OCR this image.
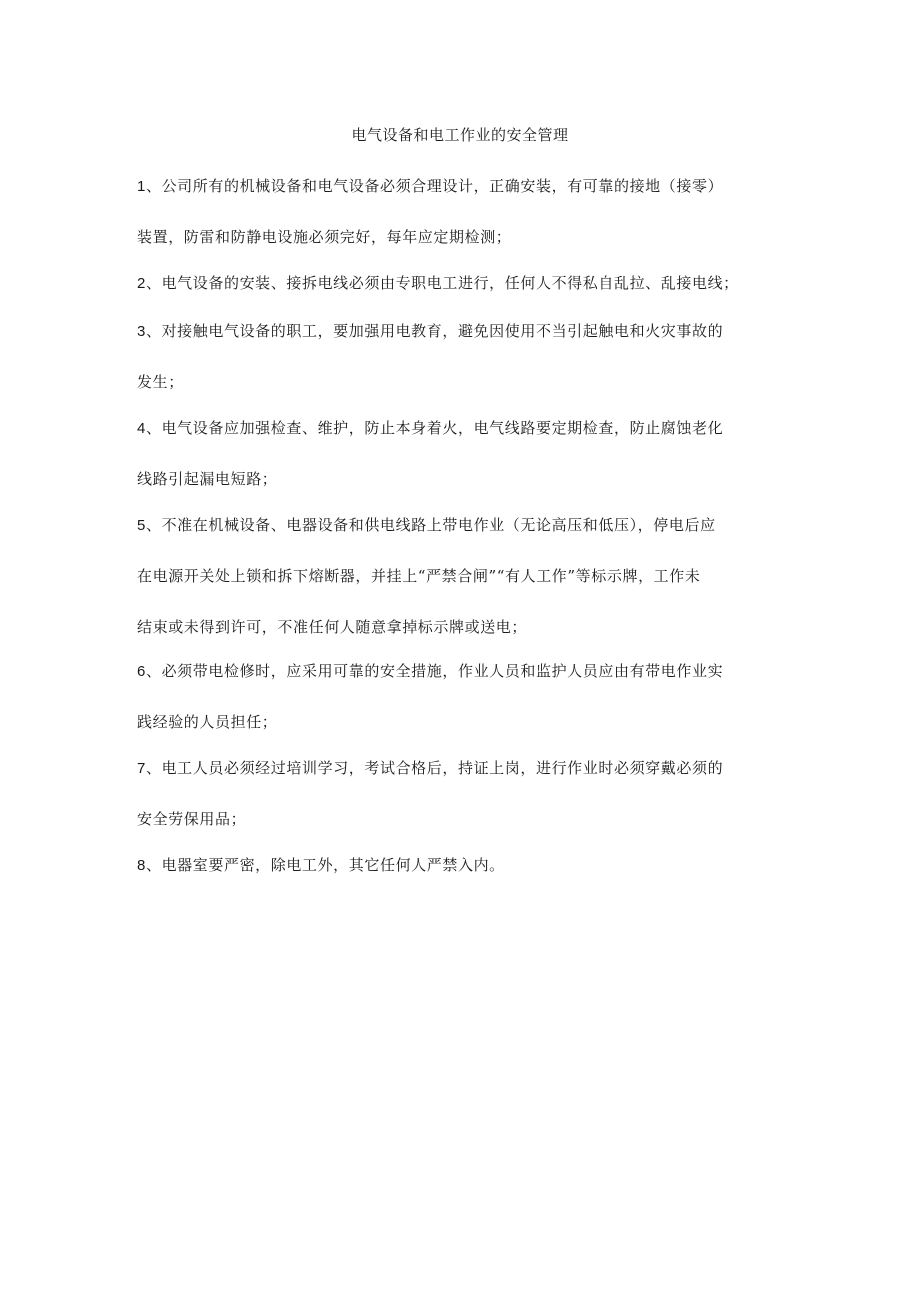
电气设备和电工作业的安全管理
1、公司所有的机械设备和电气设备必须合理设计，正确安装，有可靠的接地（接零）
装置，防雷和防静电设施必须完好，每年应定期检测；
2、电气设备的安装、接拆电线必须由专职电工进行，任何人不得私自乱拉、乱接电线；
3、对接触电气设备的职工，要加强用电教育，避免因使用不当引起触电和火灾事故的
发生；
4、电气设备应加强检查、维护，防止本身着火，电气线路要定期检查，防止腐蚀老化
线路引起漏电短路；
5、不准在机械设备、电器设备和供电线路上带电作业（无论高压和低压），停电后应
在电源开关处上锁和拆下熔断器，并挂上“严禁合闸”“有人工作”等标示牌，工作未
结束或未得到许可，不准任何人随意拿掉标示牌或送电；
6、必须带电检修时，应采用可靠的安全措施，作业人员和监护人员应由有带电作业实
践经验的人员担任；
7、电工人员必须经过培训学习，考试合格后，持证上岗，进行作业时必须穿戴必须的
安全劳保用品；
8、电器室要严密，除电工外，其它任何人严禁入内。
